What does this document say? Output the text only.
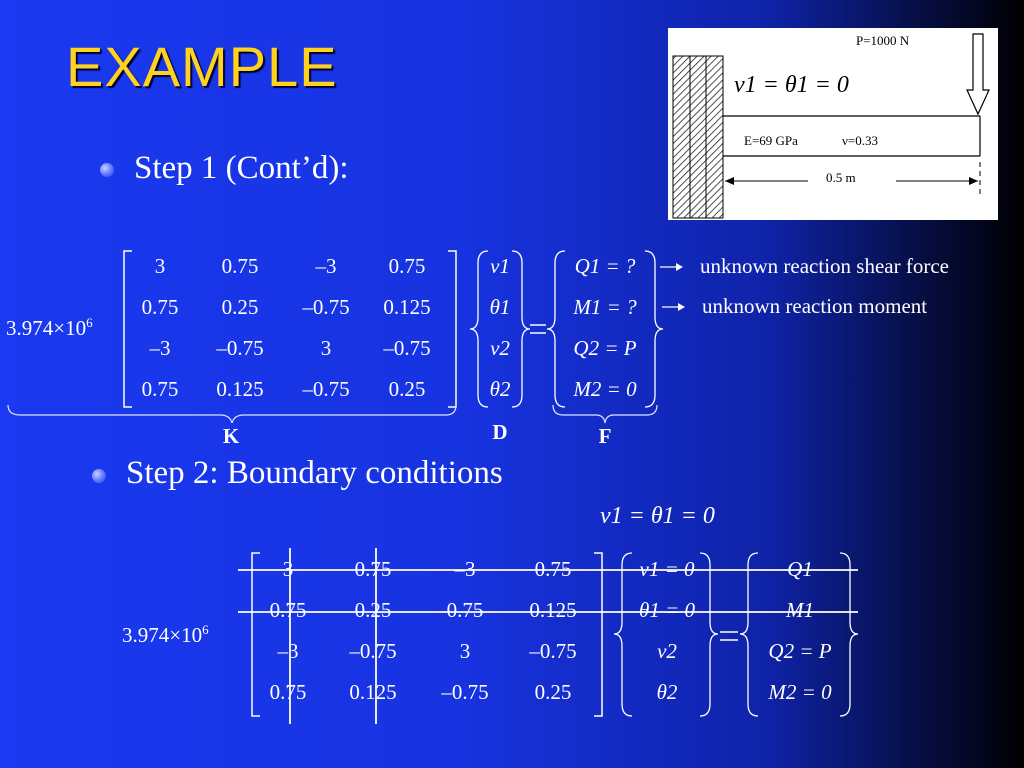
EXAMPLE
Step 1 (Cont’d):
Step 2: Boundary conditions
P=1000 N
v1 = θ1 = 0
E=69 GPa	ν=0.33
0.5 m
$3.974\times 10^6$
3	0.75	–3	0.75
0.75	0.25	–0.75	0.125
–3	–0.75	3	–0.75
0.75	0.125	–0.75	0.25
v1
θ1
v2
θ2
Q1 = ?
M1 = ?
Q2 = P
M2 = 0
unknown reaction shear force
unknown reaction moment
K	D	F
v1 = θ1 = 0
$3.974\times 10^6$
3	0.75	–3	0.75
0.75	0.25	0.75	0.125
–3	–0.75	3	–0.75
0.75	0.125	–0.75	0.25
v1 = 0
θ1 = 0
v2
θ2
Q1
M1
Q2 = P
M2 = 0
